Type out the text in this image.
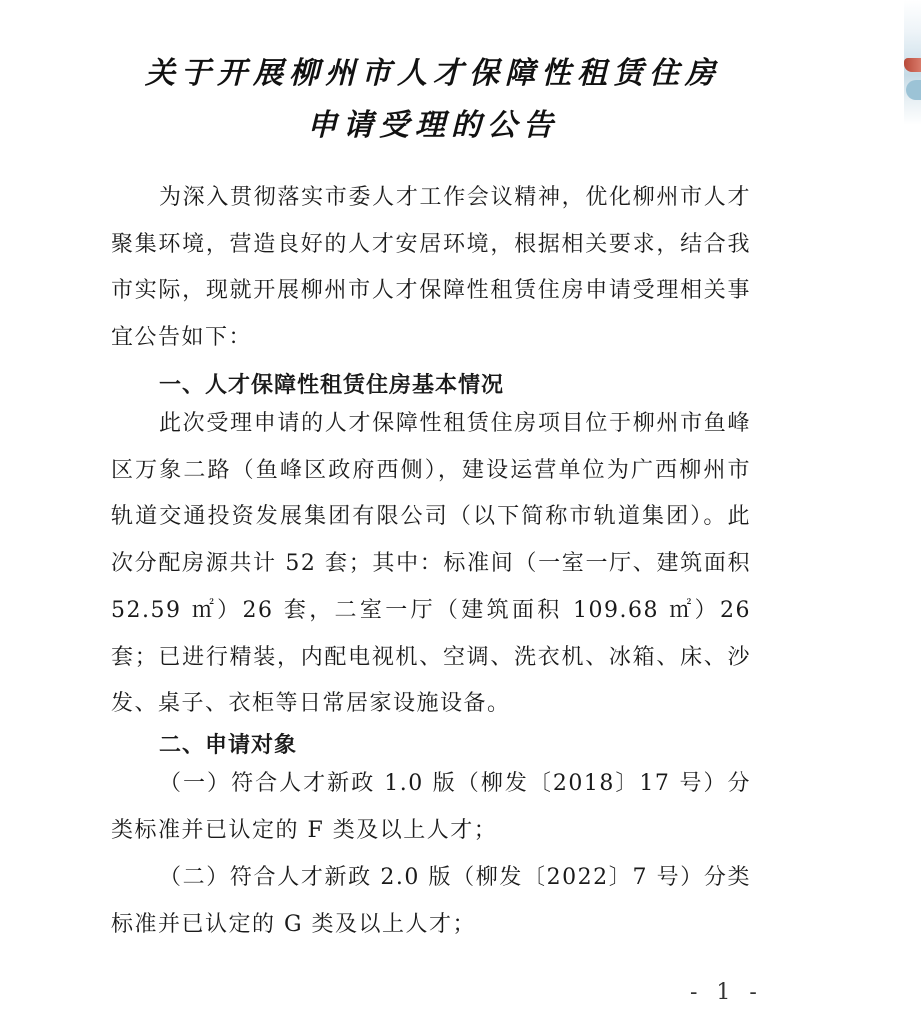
关于开展柳州市人才保障性租赁住房
申请受理的公告

为深入贯彻落实市委人才工作会议精神，优化柳州市人才聚集环境，营造良好的人才安居环境，根据相关要求，结合我市实际，现就开展柳州市人才保障性租赁住房申请受理相关事宜公告如下：

一、人才保障性租赁住房基本情况

此次受理申请的人才保障性租赁住房项目位于柳州市鱼峰区万象二路（鱼峰区政府西侧），建设运营单位为广西柳州市轨道交通投资发展集团有限公司（以下简称市轨道集团）。此次分配房源共计 52 套；其中：标准间（一室一厅、建筑面积 52.59 ㎡）26 套，二室一厅（建筑面积 109.68 ㎡）26 套；已进行精装，内配电视机、空调、洗衣机、冰箱、床、沙发、桌子、衣柜等日常居家设施设备。

二、申请对象

（一）符合人才新政 1.0 版（柳发〔2018〕17 号）分类标准并已认定的 F 类及以上人才；

（二）符合人才新政 2.0 版（柳发〔2022〕7 号）分类标准并已认定的 G 类及以上人才；

- 1 -
